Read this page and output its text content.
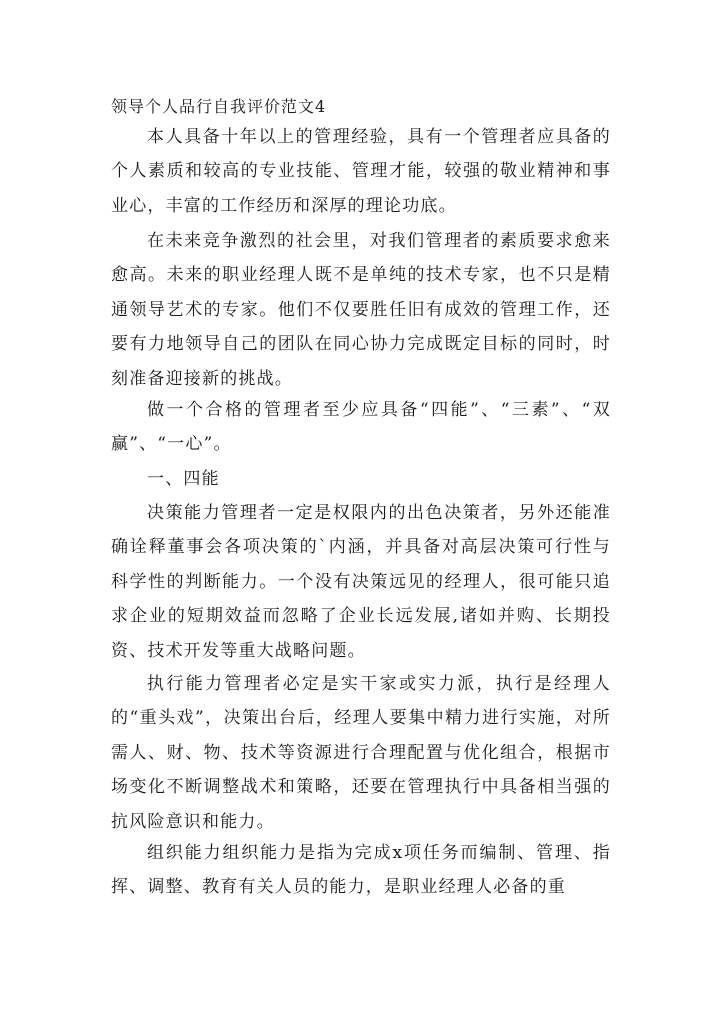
领导个人品行自我评价范文4

本人具备十年以上的管理经验，具有一个管理者应具备的个人素质和较高的专业技能、管理才能，较强的敬业精神和事业心，丰富的工作经历和深厚的理论功底。

在未来竞争激烈的社会里，对我们管理者的素质要求愈来愈高。未来的职业经理人既不是单纯的技术专家，也不只是精通领导艺术的专家。他们不仅要胜任旧有成效的管理工作，还要有力地领导自己的团队在同心协力完成既定目标的同时，时刻准备迎接新的挑战。

做一个合格的管理者至少应具备“四能”、“三素”、“双赢”、“一心”。

一、四能

决策能力管理者一定是权限内的出色决策者，另外还能准确诠释董事会各项决策的`内涵，并具备对高层决策可行性与科学性的判断能力。一个没有决策远见的经理人，很可能只追求企业的短期效益而忽略了企业长远发展,诸如并购、长期投资、技术开发等重大战略问题。

执行能力管理者必定是实干家或实力派，执行是经理人的“重头戏”，决策出台后，经理人要集中精力进行实施，对所需人、财、物、技术等资源进行合理配置与优化组合，根据市场变化不断调整战术和策略，还要在管理执行中具备相当强的抗风险意识和能力。

组织能力组织能力是指为完成x项任务而编制、管理、指挥、调整、教育有关人员的能力，是职业经理人必备的重
